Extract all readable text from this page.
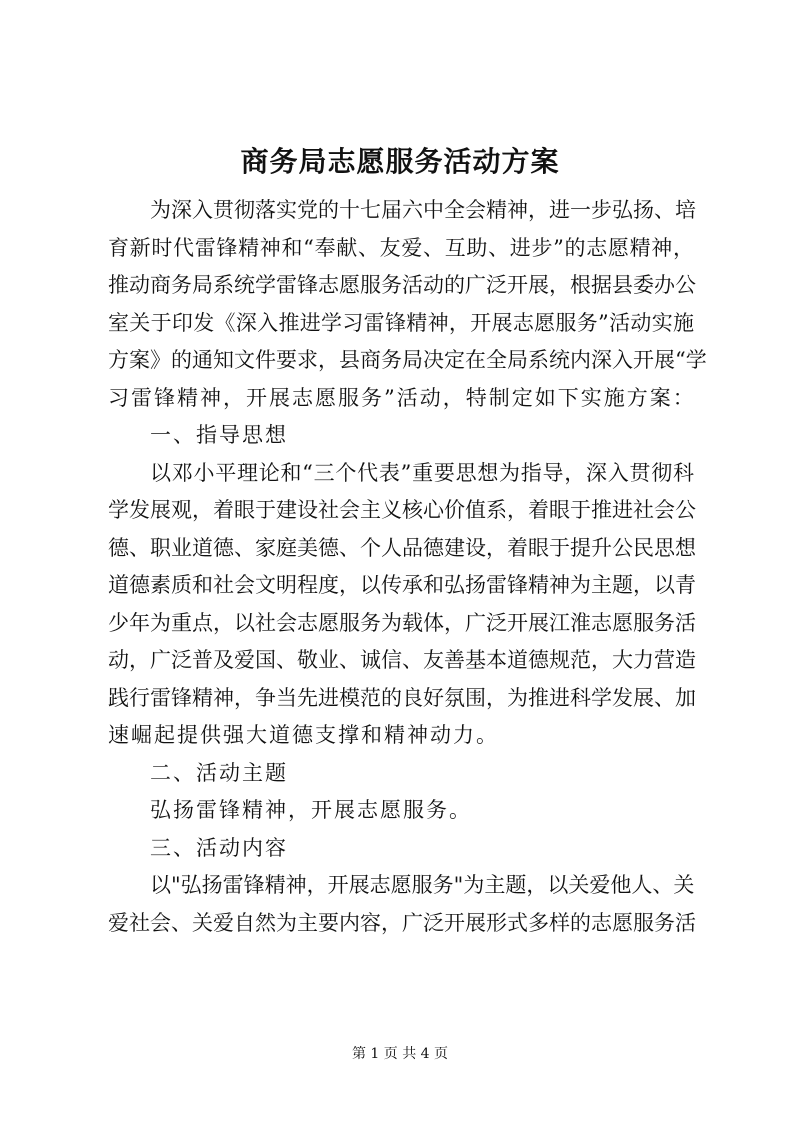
商务局志愿服务活动方案
为深入贯彻落实党的十七届六中全会精神，进一步弘扬、培
育新时代雷锋精神和“奉献、友爱、互助、进步”的志愿精神，
推动商务局系统学雷锋志愿服务活动的广泛开展，根据县委办公
室关于印发《深入推进学习雷锋精神，开展志愿服务”活动实施
方案》的通知文件要求，县商务局决定在全局系统内深入开展“学
习雷锋精神，开展志愿服务”活动，特制定如下实施方案：
一、指导思想
以邓小平理论和“三个代表”重要思想为指导，深入贯彻科
学发展观，着眼于建设社会主义核心价值系，着眼于推进社会公
德、职业道德、家庭美德、个人品德建设，着眼于提升公民思想
道德素质和社会文明程度，以传承和弘扬雷锋精神为主题，以青
少年为重点，以社会志愿服务为载体，广泛开展江淮志愿服务活
动，广泛普及爱国、敬业、诚信、友善基本道德规范，大力营造
践行雷锋精神，争当先进模范的良好氛围，为推进科学发展、加
速崛起提供强大道德支撑和精神动力。
二、活动主题
弘扬雷锋精神，开展志愿服务。
三、活动内容
以"弘扬雷锋精神，开展志愿服务"为主题，以关爱他人、关
爱社会、关爱自然为主要内容，广泛开展形式多样的志愿服务活
第 1 页 共 4 页
